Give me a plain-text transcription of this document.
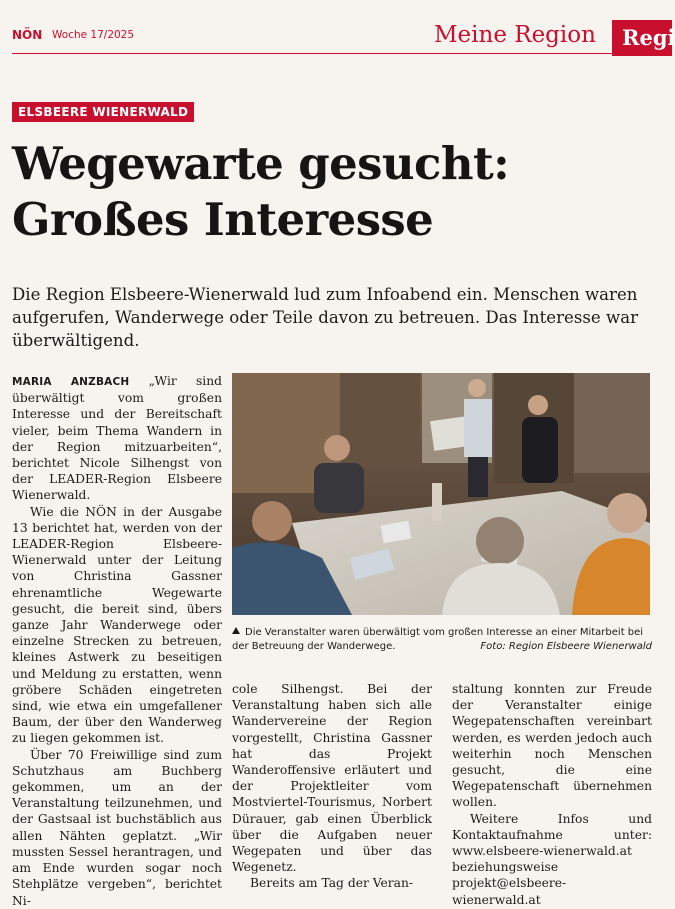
NÖN Woche 17/2025	Meine Region	Regi
ELSBEERE WIENERWALD
Wegewarte gesucht:
Großes Interesse
Die Region Elsbeere-Wienerwald lud zum Infoabend ein. Menschen waren aufgerufen, Wanderwege oder Teile davon zu betreuen. Das Interesse war überwältigend.

MARIA ANZBACH „Wir sind überwältigt vom großen Interesse und der Bereitschaft vieler, beim Thema Wandern in der Region mitzuarbeiten“, berichtet Nicole Silhengst von der LEADER-Region Elsbeere Wienerwald.

Wie die NÖN in der Ausgabe 13 berichtet hat, werden von der LEADER-Region Elsbeere-Wienerwald unter der Leitung von Christina Gassner ehrenamtliche Wegewarte gesucht, die bereit sind, übers ganze Jahr Wanderwege oder einzelne Strecken zu betreuen, kleines Astwerk zu beseitigen und Meldung zu erstatten, wenn gröbere Schäden eingetreten sind, wie etwa ein umgefallener Baum, der über den Wanderweg zu liegen gekommen ist.

Über 70 Freiwillige sind zum Schutzhaus am Buchberg gekommen, um an der Veranstaltung teilzunehmen, und der Gastsaal ist buchstäblich aus allen Nähten geplatzt. „Wir mussten Sessel herantragen, und am Ende wurden sogar noch Stehplätze vergeben“, berichtet Ni-

Die Veranstalter waren überwältigt vom großen Interesse an einer Mitarbeit bei der Betreuung der Wanderwege.	Foto: Region Elsbeere Wienerwald

cole Silhengst. Bei der Veranstaltung haben sich alle Wandervereine der Region vorgestellt, Christina Gassner hat das Projekt Wanderoffensive erläutert und der Projektleiter vom Mostviertel-Tourismus, Norbert Dürauer, gab einen Überblick über die Aufgaben neuer Wegepaten und über das Wegenetz.

Bereits am Tag der Veran-

staltung konnten zur Freude der Veranstalter einige Wegepatenschaften vereinbart werden, es werden jedoch auch weiterhin noch Menschen gesucht, die eine Wegepatenschaft übernehmen wollen.

Weitere Infos und Kontaktaufnahme unter: www.elsbeere-wienerwald.at beziehungsweise projekt@elsbeere-wienerwald.at
